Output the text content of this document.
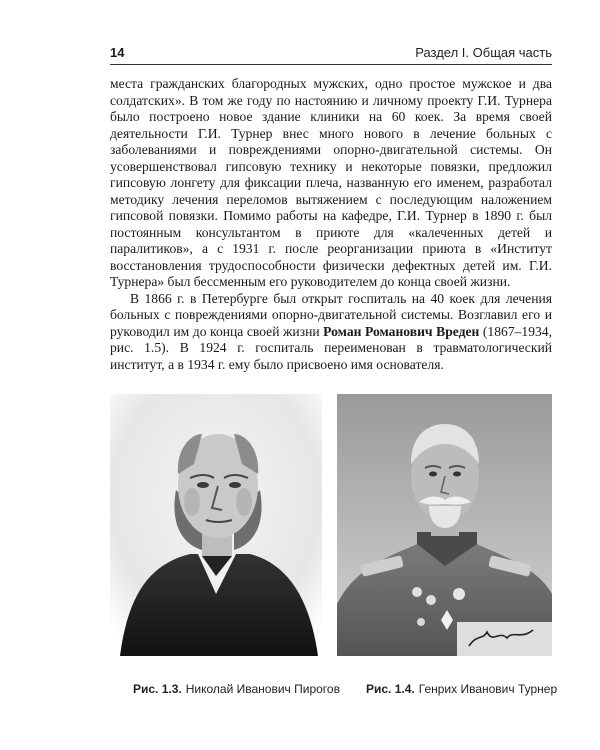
14	Раздел I. Общая часть

места гражданских благородных мужских, одно простое мужское и два солдатских». В том же году по настоянию и личному проекту Г.И. Турнера было построено новое здание клиники на 60 коек. За время своей деятельности Г.И. Турнер внес много нового в лечение больных с заболеваниями и повреждениями опорно-двигательной системы. Он усовершенствовал гипсовую технику и некоторые повязки, предложил гипсовую лонгету для фиксации плеча, названную его именем, разработал методику лечения переломов вытяжением с последующим наложением гипсовой повязки. Помимо работы на кафедре, Г.И. Турнер в 1890 г. был постоянным консультантом в приюте для «калеченных детей и паралитиков», а с 1931 г. после реорганизации приюта в «Институт восстановления трудоспособности физически дефектных детей им. Г.И. Турнера» был бессменным его руководителем до конца своей жизни.

В 1866 г. в Петербурге был открыт госпиталь на 40 коек для лечения больных с повреждениями опорно-двигательной системы. Возглавил его и руководил им до конца своей жизни Роман Романович Вреден (1867–1934, рис. 1.5). В 1924 г. госпиталь переименован в травматологический институт, а в 1934 г. ему было присвоено имя основателя.

Рис. 1.3. Николай Иванович Пирогов Рис. 1.4. Генрих Иванович Турнер
